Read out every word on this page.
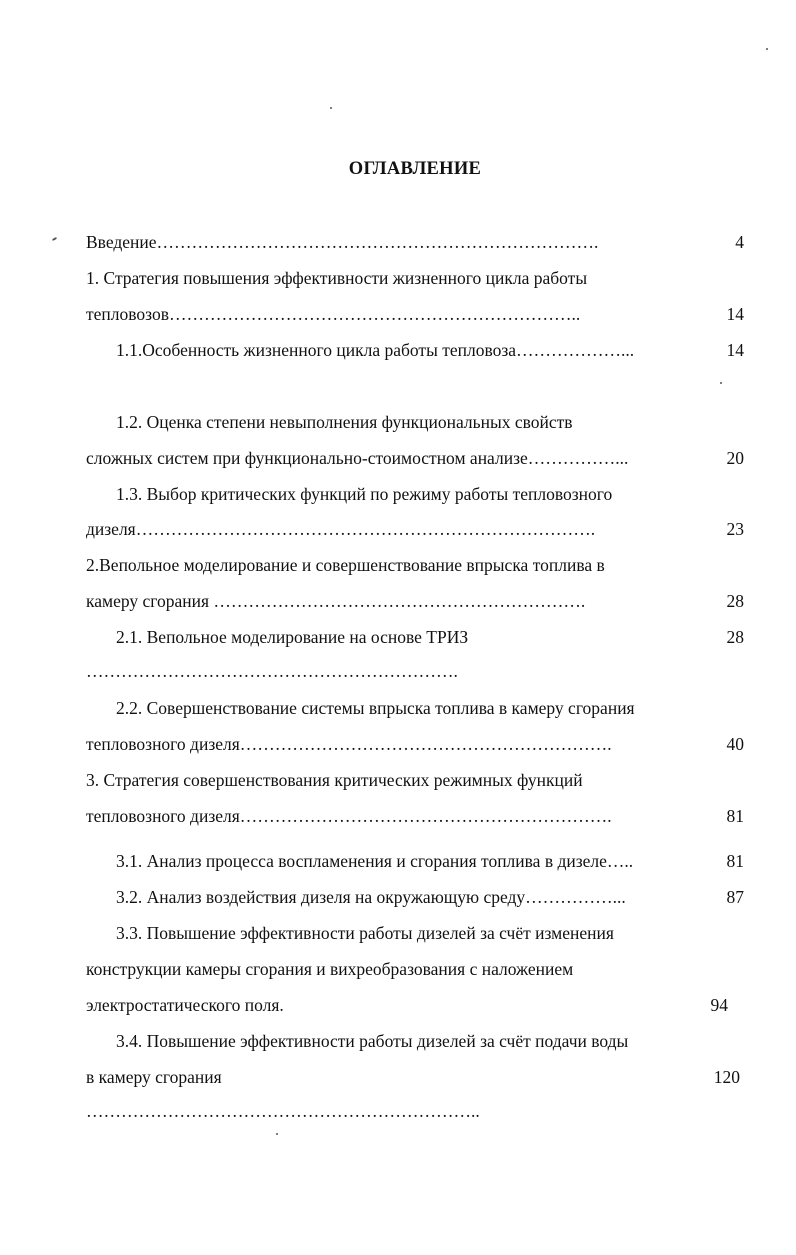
ОГЛАВЛЕНИЕ
Введение………………………………………………………………….	4
1. Стратегия повышения эффективности жизненного цикла работы
тепловозов……………………………………………………………..	14
1.1.Особенность жизненного цикла работы тепловоза………………...	14
1.2. Оценка степени невыполнения функциональных свойств
сложных систем при функционально-стоимостном анализе……………...	20
1.3. Выбор критических функций по режиму работы тепловозного
дизеля…………………………………………………………………….	23
2.Вепольное моделирование и совершенствование впрыска топлива в
камеру сгорания ……………………………………………………….	28
2.1. Вепольное моделирование на основе ТРИЗ	28
……………………………………………………….
2.2. Совершенствование системы впрыска топлива в камеру сгорания
тепловозного дизеля……………………………………………………….	40
3. Стратегия совершенствования критических режимных функций
тепловозного дизеля……………………………………………………….	81
3.1. Анализ процесса воспламенения и сгорания топлива в дизеле…..	81
3.2. Анализ воздействия дизеля на окружающую среду……………...	87
3.3. Повышение эффективности работы дизелей за счёт изменения
конструкции камеры сгорания и вихреобразования с наложением
электростатического поля.	94
3.4. Повышение эффективности работы дизелей за счёт подачи воды
в камеру сгорания	120
…………………………………………………………..
